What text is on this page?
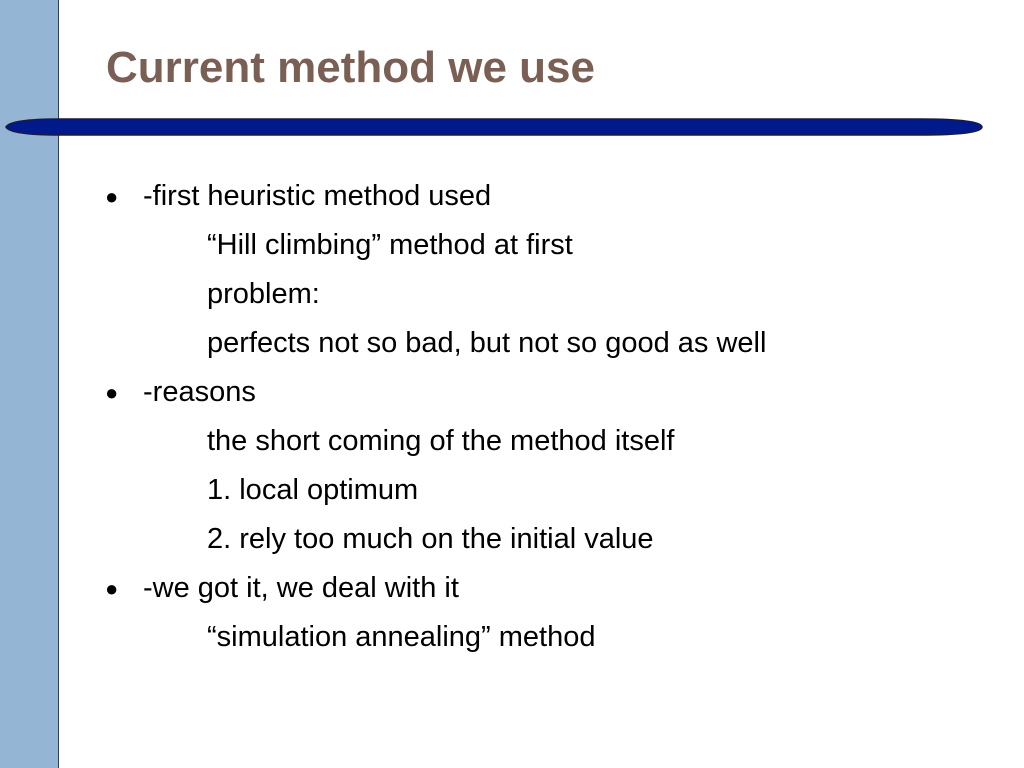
Current method we use
● -first heuristic method used
“Hill climbing” method at first
problem:
perfects not so bad, but not so good as well
● -reasons
the short coming of the method itself
1. local optimum
2. rely too much on the initial value
● -we got it, we deal with it
“simulation annealing” method
